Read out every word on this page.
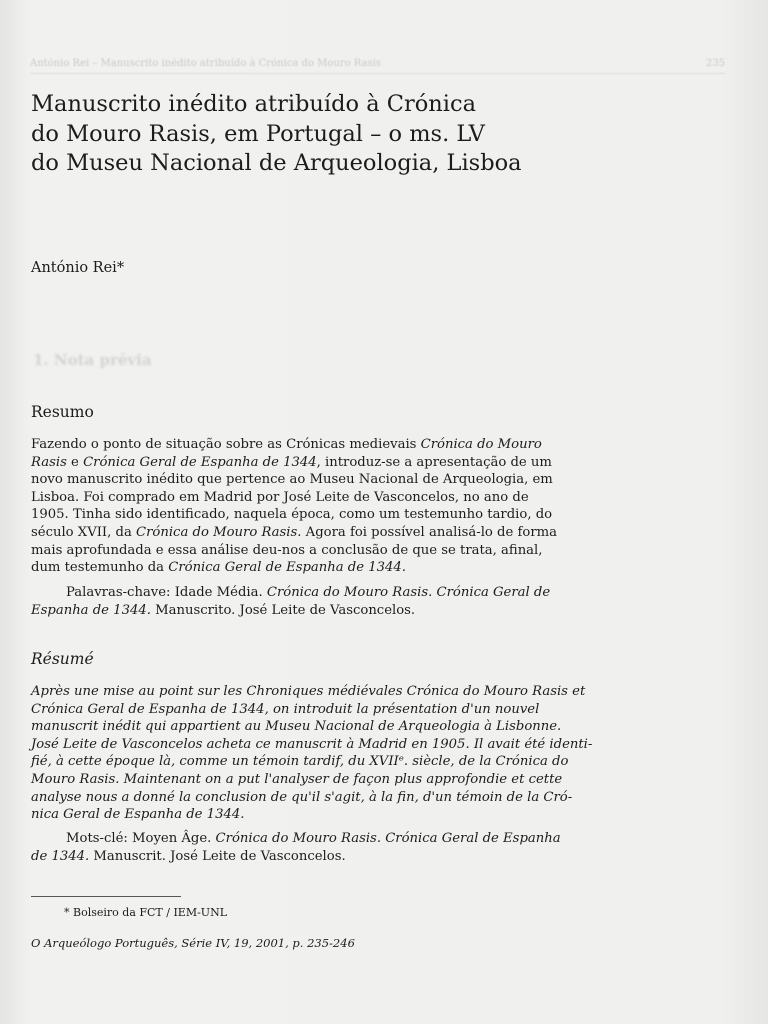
António Rei – Manuscrito inédito atribuído à Crónica do Mouro Rasis	235
1. Nota prévia
Manuscrito inédito atribuído à Crónica
do Mouro Rasis, em Portugal – o ms. LV
do Museu Nacional de Arqueologia, Lisboa
António Rei*
Resumo
Fazendo o ponto de situação sobre as Crónicas medievais Crónica do Mouro
Rasis e Crónica Geral de Espanha de 1344, introduz-se a apresentação de um
novo manuscrito inédito que pertence ao Museu Nacional de Arqueologia, em
Lisboa. Foi comprado em Madrid por José Leite de Vasconcelos, no ano de
1905. Tinha sido identificado, naquela época, como um testemunho tardio, do
século XVII, da Crónica do Mouro Rasis. Agora foi possível analisá-lo de forma
mais aprofundada e essa análise deu-nos a conclusão de que se trata, afinal,
dum testemunho da Crónica Geral de Espanha de 1344.
Palavras-chave: Idade Média. Crónica do Mouro Rasis. Crónica Geral de
Espanha de 1344. Manuscrito. José Leite de Vasconcelos.
Résumé
Après une mise au point sur les Chroniques médiévales Crónica do Mouro Rasis et
Crónica Geral de Espanha de 1344, on introduit la présentation d'un nouvel
manuscrit inédit qui appartient au Museu Nacional de Arqueologia à Lisbonne.
José Leite de Vasconcelos acheta ce manuscrit à Madrid en 1905. Il avait été identi-
fié, à cette époque là, comme un témoin tardif, du XVIIᵉ. siècle, de la Crónica do
Mouro Rasis. Maintenant on a put l'analyser de façon plus approfondie et cette
analyse nous a donné la conclusion de qu'il s'agit, à la fin, d'un témoin de la Cró-
nica Geral de Espanha de 1344.
Mots-clé: Moyen Âge. Crónica do Mouro Rasis. Crónica Geral de Espanha
de 1344. Manuscrit. José Leite de Vasconcelos.
* Bolseiro da FCT / IEM-UNL
O Arqueólogo Português, Série IV, 19, 2001, p. 235-246
